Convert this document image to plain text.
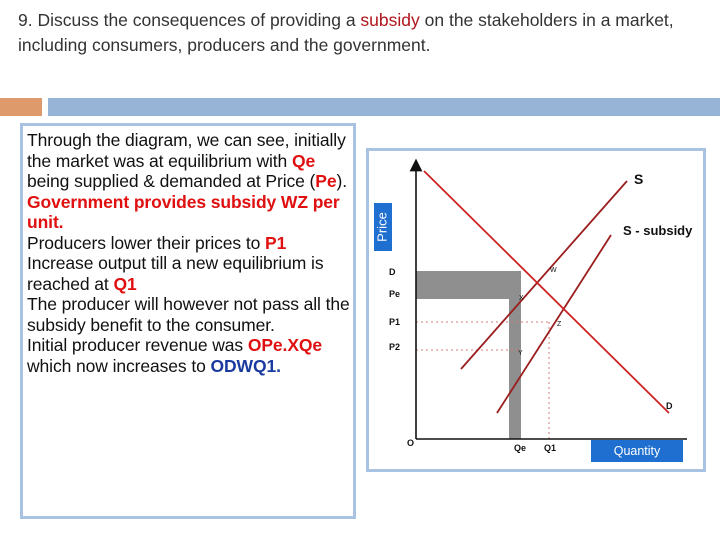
9. Discuss the consequences of providing a subsidy on the stakeholders in a market, including consumers, producers and the government.
Through the diagram, we can see, initially the market was at equilibrium with Qe being supplied & demanded at Price (Pe).
Government provides subsidy WZ per unit.
Producers lower their prices to P1 Increase output till a new equilibrium is reached at Q1
The producer will however not pass all the subsidy benefit to the consumer.
Initial producer revenue was OPe.XQe which now increases to ODWQ1.
Price
Quantity
S
S - subsidy
D
D
Pe
P1
P2
O	Qe Q1
W
X
Z
Y
